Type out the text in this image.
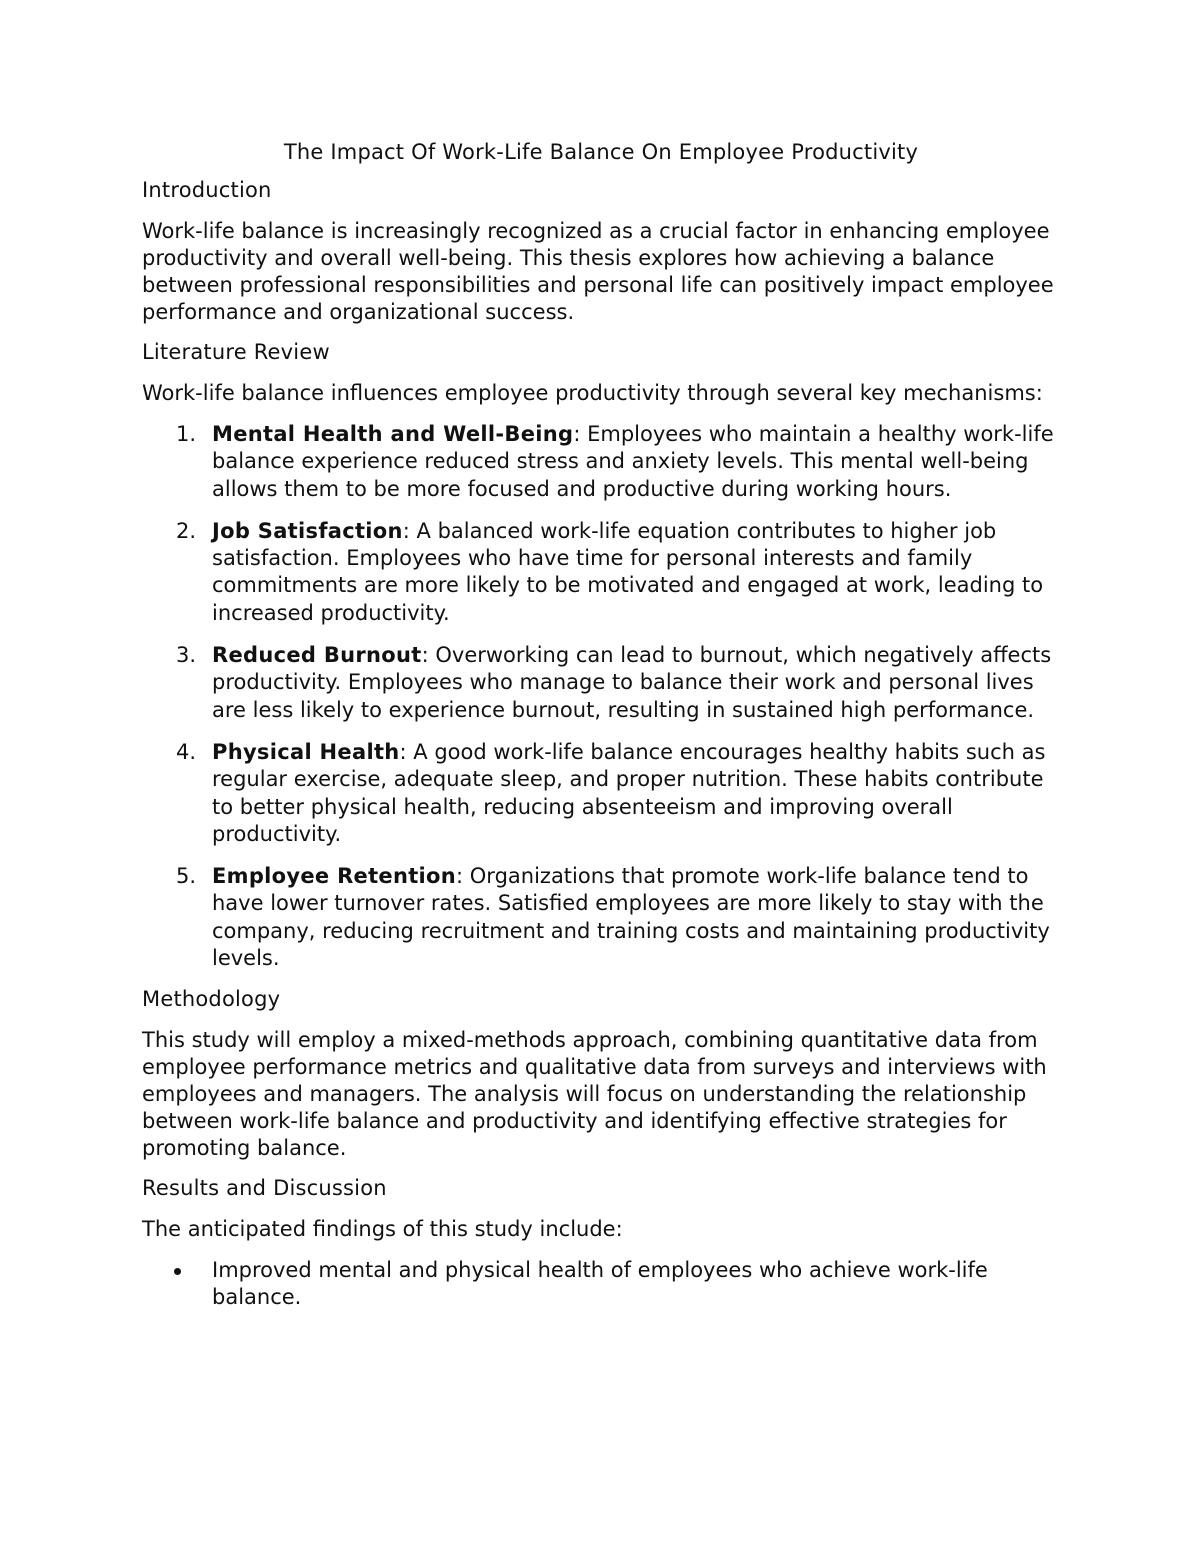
The Impact Of Work-Life Balance On Employee Productivity
Introduction

Work-life balance is increasingly recognized as a crucial factor in enhancing employee productivity and overall well-being. This thesis explores how achieving a balance between professional responsibilities and personal life can positively impact employee performance and organizational success.

Literature Review

Work-life balance influences employee productivity through several key mechanisms:

1. Mental Health and Well-Being: Employees who maintain a healthy work-life balance experience reduced stress and anxiety levels. This mental well-being allows them to be more focused and productive during working hours.
2. Job Satisfaction: A balanced work-life equation contributes to higher job satisfaction. Employees who have time for personal interests and family commitments are more likely to be motivated and engaged at work, leading to increased productivity.
3. Reduced Burnout: Overworking can lead to burnout, which negatively affects productivity. Employees who manage to balance their work and personal lives are less likely to experience burnout, resulting in sustained high performance.
4. Physical Health: A good work-life balance encourages healthy habits such as regular exercise, adequate sleep, and proper nutrition. These habits contribute to better physical health, reducing absenteeism and improving overall productivity.
5. Employee Retention: Organizations that promote work-life balance tend to have lower turnover rates. Satisfied employees are more likely to stay with the company, reducing recruitment and training costs and maintaining productivity levels.
Methodology

This study will employ a mixed-methods approach, combining quantitative data from employee performance metrics and qualitative data from surveys and interviews with employees and managers. The analysis will focus on understanding the relationship between work-life balance and productivity and identifying effective strategies for promoting balance.

Results and Discussion

The anticipated findings of this study include:

Improved mental and physical health of employees who achieve work-life balance.
